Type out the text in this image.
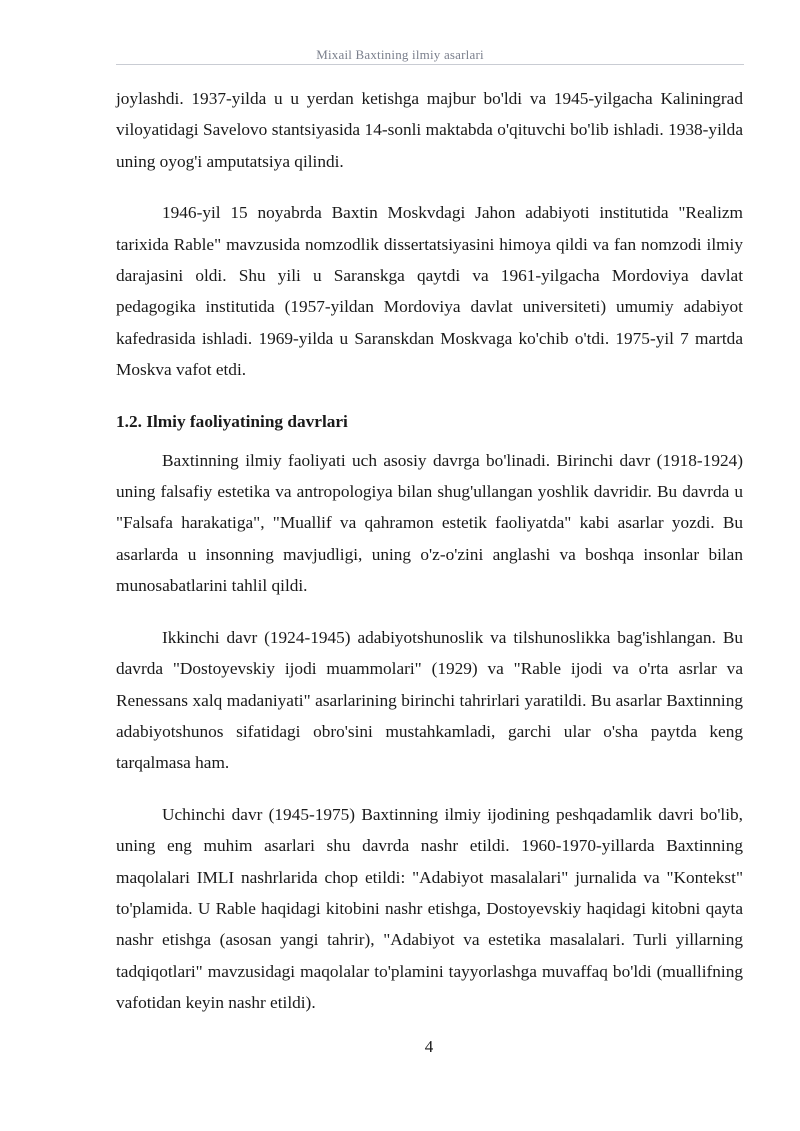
Mixail Baxtining ilmiy asarlari

joylashdi. 1937-yilda u u yerdan ketishga majbur bo'ldi va 1945-yilgacha Kaliningrad viloyatidagi Savelovo stantsiyasida 14-sonli maktabda o'qituvchi bo'lib ishladi. 1938-yilda uning oyog'i amputatsiya qilindi.

1946-yil 15 noyabrda Baxtin Moskvdagi Jahon adabiyoti institutida "Realizm tarixida Rable" mavzusida nomzodlik dissertatsiyasini himoya qildi va fan nomzodi ilmiy darajasini oldi. Shu yili u Saranskga qaytdi va 1961-yilgacha Mordoviya davlat pedagogika institutida (1957-yildan Mordoviya davlat universiteti) umumiy adabiyot kafedrasida ishladi. 1969-yilda u Saranskdan Moskvaga ko'chib o'tdi. 1975-yil 7 martda Moskva vafot etdi.

1.2. Ilmiy faoliyatining davrlari

Baxtinning ilmiy faoliyati uch asosiy davrga bo'linadi. Birinchi davr (1918-1924) uning falsafiy estetika va antropologiya bilan shug'ullangan yoshlik davridir. Bu davrda u "Falsafa harakatiga", "Muallif va qahramon estetik faoliyatda" kabi asarlar yozdi. Bu asarlarda u insonning mavjudligi, uning o'z-o'zini anglashi va boshqa insonlar bilan munosabatlarini tahlil qildi.

Ikkinchi davr (1924-1945) adabiyotshunoslik va tilshunoslikka bag'ishlangan. Bu davrda "Dostoyevskiy ijodi muammolari" (1929) va "Rable ijodi va o'rta asrlar va Renessans xalq madaniyati" asarlarining birinchi tahrirlari yaratildi. Bu asarlar Baxtinning adabiyotshunos sifatidagi obro'sini mustahkamladi, garchi ular o'sha paytda keng tarqalmasa ham.

Uchinchi davr (1945-1975) Baxtinning ilmiy ijodining peshqadamlik davri bo'lib, uning eng muhim asarlari shu davrda nashr etildi. 1960-1970-yillarda Baxtinning maqolalari IMLI nashrlarida chop etildi: "Adabiyot masalalari" jurnalida va "Kontekst" to'plamida. U Rable haqidagi kitobini nashr etishga, Dostoyevskiy haqidagi kitobni qayta nashr etishga (asosan yangi tahrir), "Adabiyot va estetika masalalari. Turli yillarning tadqiqotlari" mavzusidagi maqolalar to'plamini tayyorlashga muvaffaq bo'ldi (muallifning vafotidan keyin nashr etildi).

4
